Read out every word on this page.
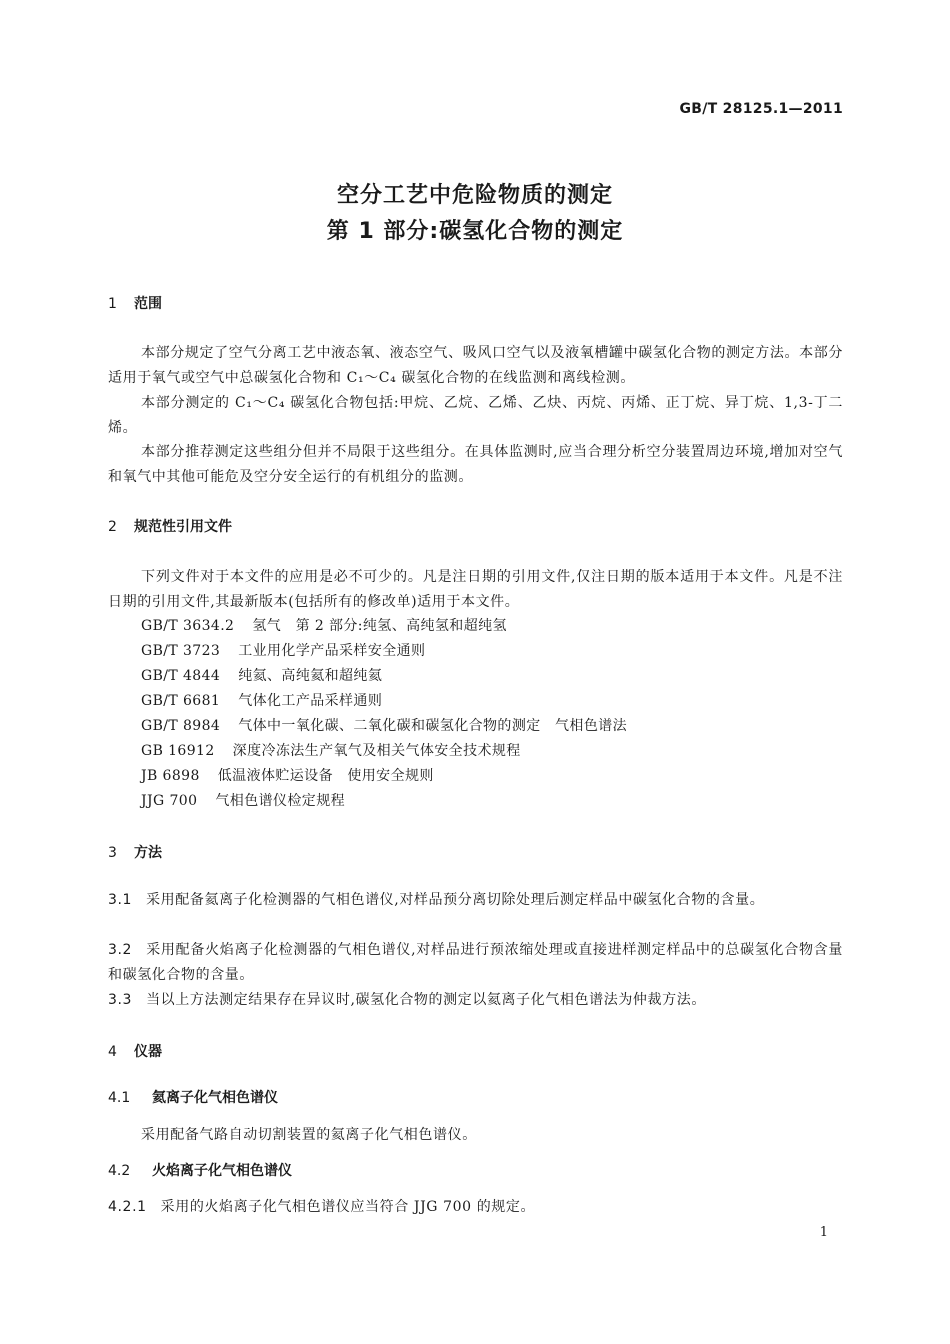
GB/T 28125.1—2011
空分工艺中危险物质的测定
第 1 部分:碳氢化合物的测定
1 范围
本部分规定了空气分离工艺中液态氧、液态空气、吸风口空气以及液氧槽罐中碳氢化合物的测定方法。本部分适用于氧气或空气中总碳氢化合物和 C₁～C₄ 碳氢化合物的在线监测和离线检测。
本部分测定的 C₁～C₄ 碳氢化合物包括:甲烷、乙烷、乙烯、乙炔、丙烷、丙烯、正丁烷、异丁烷、1,3-丁二烯。
本部分推荐测定这些组分但并不局限于这些组分。在具体监测时,应当合理分析空分装置周边环境,增加对空气和氧气中其他可能危及空分安全运行的有机组分的监测。
2 规范性引用文件
下列文件对于本文件的应用是必不可少的。凡是注日期的引用文件,仅注日期的版本适用于本文件。凡是不注日期的引用文件,其最新版本(包括所有的修改单)适用于本文件。
GB/T 3634.2 氢气　第 2 部分:纯氢、高纯氢和超纯氢
GB/T 3723 工业用化学产品采样安全通则
GB/T 4844 纯氦、高纯氦和超纯氦
GB/T 6681 气体化工产品采样通则
GB/T 8984 气体中一氧化碳、二氧化碳和碳氢化合物的测定　气相色谱法
GB 16912 深度冷冻法生产氧气及相关气体安全技术规程
JB 6898 低温液体贮运设备　使用安全规则
JJG 700 气相色谱仪检定规程
3 方法
3.1 采用配备氦离子化检测器的气相色谱仪,对样品预分离切除处理后测定样品中碳氢化合物的含量。
3.2 采用配备火焰离子化检测器的气相色谱仪,对样品进行预浓缩处理或直接进样测定样品中的总碳氢化合物含量和碳氢化合物的含量。
3.3 当以上方法测定结果存在异议时,碳氢化合物的测定以氦离子化气相色谱法为仲裁方法。
4 仪器
4.1 氦离子化气相色谱仪
采用配备气路自动切割装置的氦离子化气相色谱仪。
4.2 火焰离子化气相色谱仪
4.2.1 采用的火焰离子化气相色谱仪应当符合 JJG 700 的规定。
1
